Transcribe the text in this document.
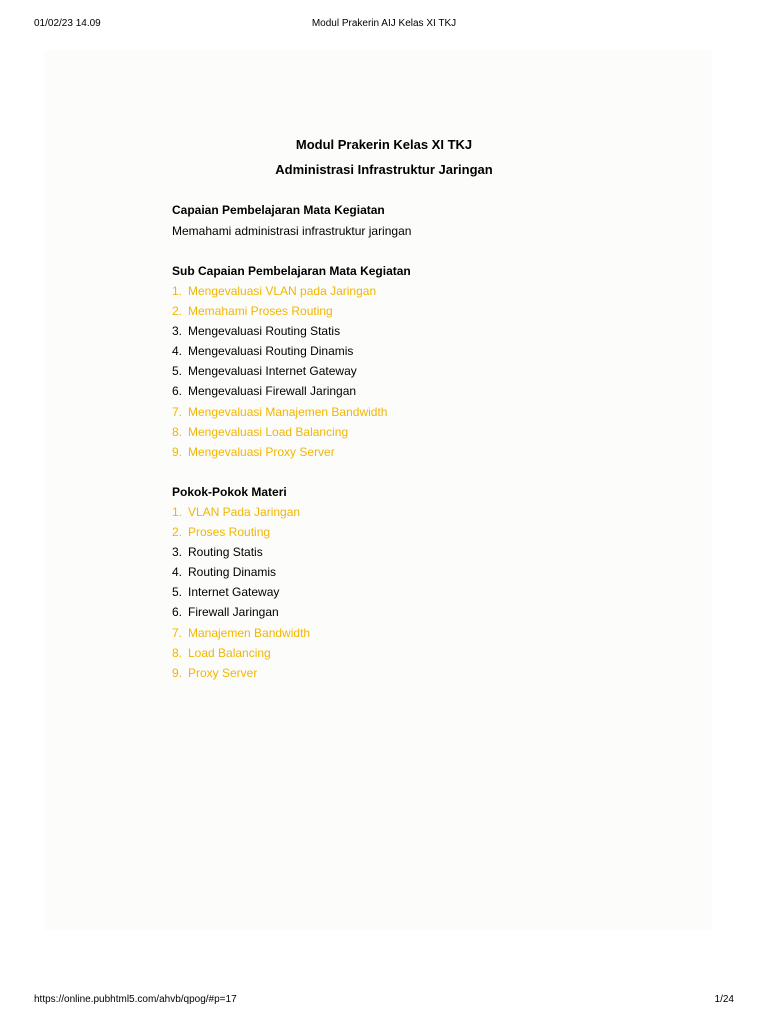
01/02/23 14.09	Modul Prakerin AIJ Kelas XI TKJ
Modul Prakerin Kelas XI TKJ
Administrasi Infrastruktur Jaringan
Capaian Pembelajaran Mata Kegiatan
Memahami administrasi infrastruktur jaringan
Sub Capaian Pembelajaran Mata Kegiatan
1. Mengevaluasi VLAN pada Jaringan
2. Memahami Proses Routing
3. Mengevaluasi Routing Statis
4. Mengevaluasi Routing Dinamis
5. Mengevaluasi Internet Gateway
6. Mengevaluasi Firewall Jaringan
7. Mengevaluasi Manajemen Bandwidth
8. Mengevaluasi Load Balancing
9. Mengevaluasi Proxy Server
Pokok-Pokok Materi
1. VLAN Pada Jaringan
2. Proses Routing
3. Routing Statis
4. Routing Dinamis
5. Internet Gateway
6. Firewall Jaringan
7. Manajemen Bandwidth
8. Load Balancing
9. Proxy Server
https://online.pubhtml5.com/ahvb/qpog/#p=17	1/24
